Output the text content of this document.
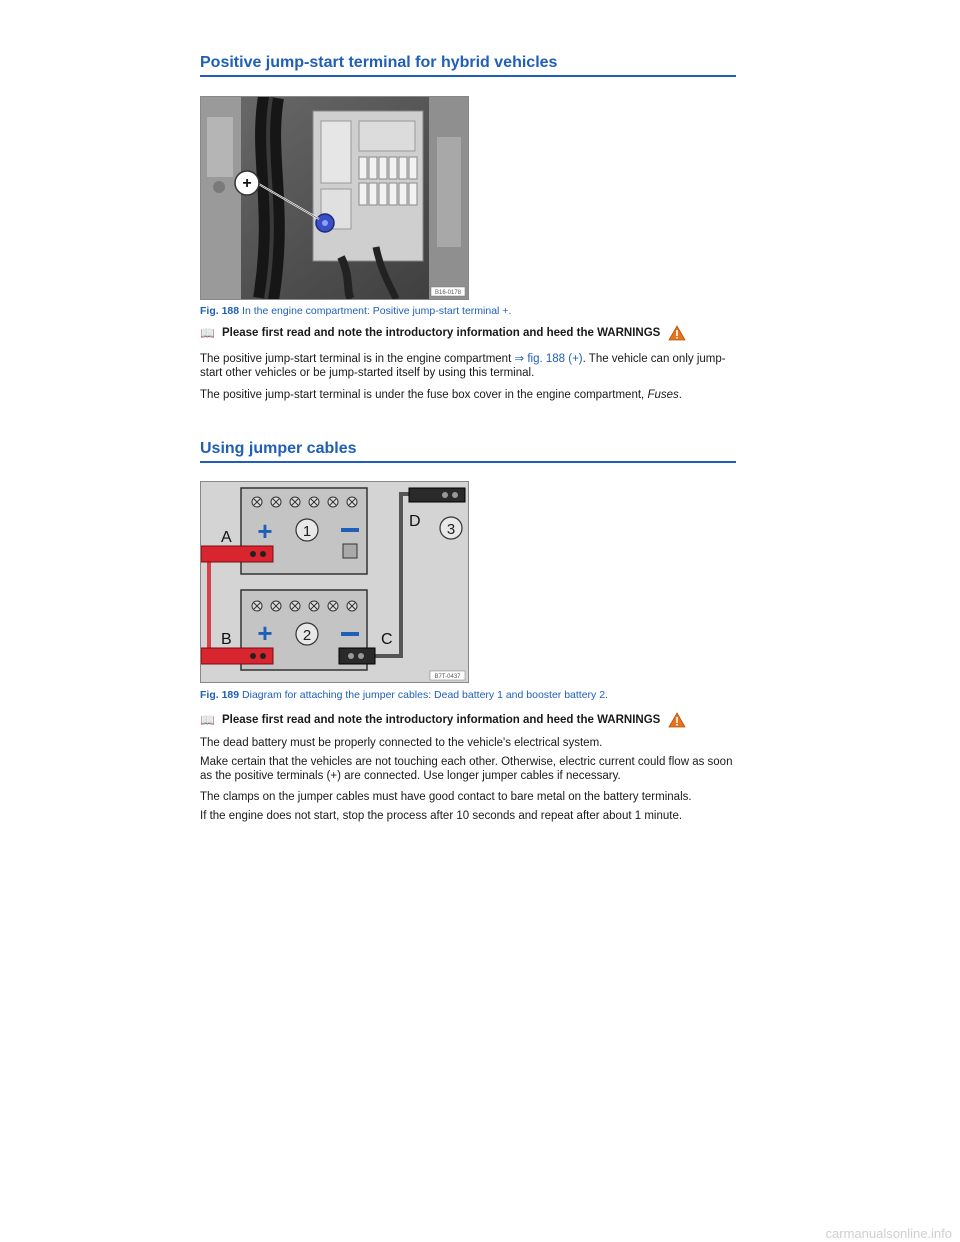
Positive jump-start terminal for hybrid vehicles
+
B16-0178
Fig. 188 In the engine compartment: Positive jump-start terminal +.
📖 Please first read and note the introductory information and heed the WARNINGS

The positive jump-start terminal is in the engine compartment ⇒ fig. 188 (+). The vehicle can only jump-start other vehicles or be jump-started itself by using this terminal.

The positive jump-start terminal is under the fuse box cover in the engine compartment, Fuses.

Using jumper cables
+ 1
+ 2
A
B	C
D 3
B7T-0437
Fig. 189 Diagram for attaching the jumper cables: Dead battery 1 and booster battery 2.
📖 Please first read and note the introductory information and heed the WARNINGS

The dead battery must be properly connected to the vehicle's electrical system.

Make certain that the vehicles are not touching each other. Otherwise, electric current could flow as soon as the positive terminals (+) are connected. Use longer jumper cables if necessary.

The clamps on the jumper cables must have good contact to bare metal on the battery terminals.

If the engine does not start, stop the process after 10 seconds and repeat after about 1 minute.

carmanualsonline.info
